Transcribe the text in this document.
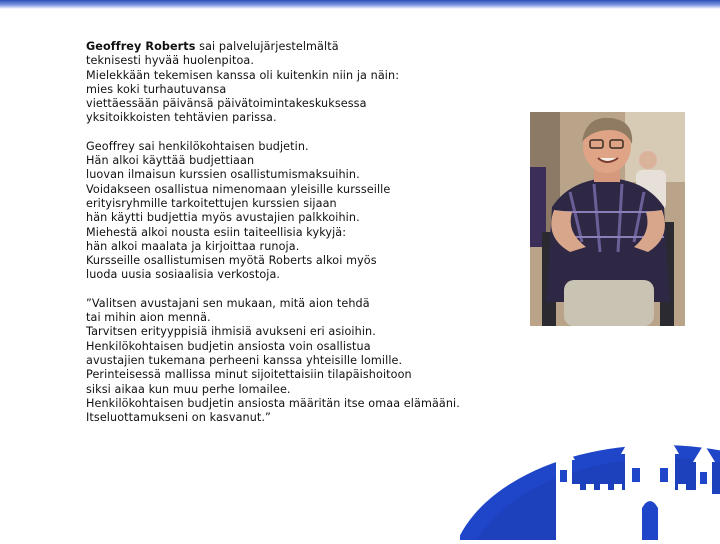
Geoffrey Roberts sai palvelujärjestelmältä
teknisesti hyvää huolenpitoa.
Mielekkään tekemisen kanssa oli kuitenkin niin ja näin:
mies koki turhautuvansa
viettäessään päivänsä päivätoimintakeskuksessa
yksitoikkoisten tehtävien parissa.

Geoffrey sai henkilökohtaisen budjetin.
Hän alkoi käyttää budjettiaan
luovan ilmaisun kurssien osallistumismaksuihin.
Voidakseen osallistua nimenomaan yleisille kursseille
erityisryhmille tarkoitettujen kurssien sijaan
hän käytti budjettia myös avustajien palkkoihin.
Miehestä alkoi nousta esiin taiteellisia kykyjä:
hän alkoi maalata ja kirjoittaa runoja.
Kursseille osallistumisen myötä Roberts alkoi myös
luoda uusia sosiaalisia verkostoja.

”Valitsen avustajani sen mukaan, mitä aion tehdä
tai mihin aion mennä.
Tarvitsen erityyppisiä ihmisiä avukseni eri asioihin.
Henkilökohtaisen budjetin ansiosta voin osallistua
avustajien tukemana perheeni kanssa yhteisille lomille.
Perinteisessä mallissa minut sijoitettaisiin tilapäishoitoon
siksi aikaa kun muu perhe lomailee.
Henkilökohtaisen budjetin ansiosta määritän itse omaa elämääni.
Itseluottamukseni on kasvanut.”
